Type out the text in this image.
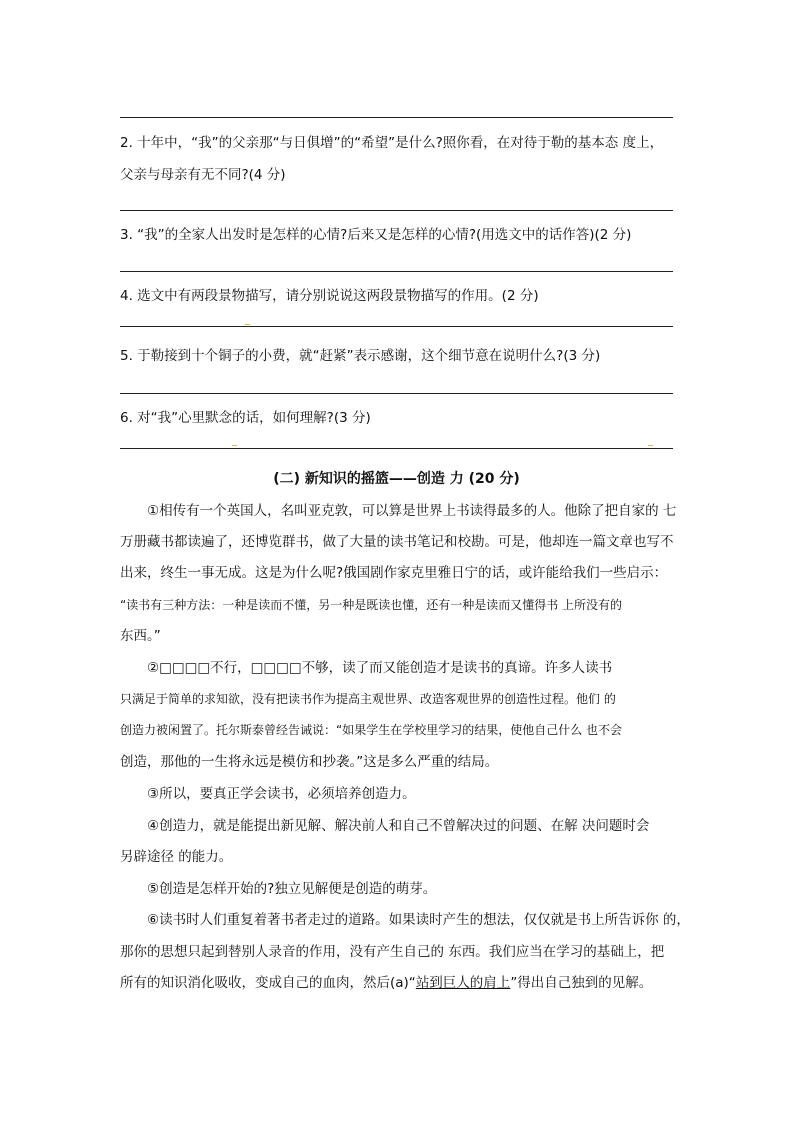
2. 十年中，“我”的父亲那“与日俱增”的“希望”是什么?照你看，在对待于勒的基本态 度上，
父亲与母亲有无不同?(4 分)
3. “我”的全家人出发时是怎样的心情?后来又是怎样的心情?(用选文中的话作答)(2 分)
4. 选文中有两段景物描写，请分别说说这两段景物描写的作用。(2 分)
5. 于勒接到十个铜子的小费，就“赶紧”表示感谢，这个细节意在说明什么?(3 分)
6. 对“我”心里默念的话，如何理解?(3 分)
(二) 新知识的摇篮——创造 力 (20 分)
①相传有一个英国人，名叫亚克敦，可以算是世界上书读得最多的人。他除了把自家的 七
万册藏书都读遍了，还博览群书，做了大量的读书笔记和校勘。可是，他却连一篇文章也写不
出来，终生一事无成。这是为什么呢?俄国剧作家克里雅日宁的话，或许能给我们一些启示：
“读书有三种方法：一种是读而不懂，另一种是既读也懂，还有一种是读而又懂得书 上所没有的
东西。”
②□□□□不行，□□□□不够，读了而又能创造才是读书的真谛。许多人读书
只满足于简单的求知欲，没有把读书作为提高主观世界、改造客观世界的创造性过程。他们 的
创造力被闲置了。托尔斯泰曾经告诫说：“如果学生在学校里学习的结果，使他自己什么 也不会
创造，那他的一生将永远是模仿和抄袭。”这是多么严重的结局。
③所以，要真正学会读书，必须培养创造力。
④创造力，就是能提出新见解、解决前人和自己不曾解决过的问题、在解 决问题时会
另辟途径 的能力。
⑤创造是怎样开始的?独立见解便是创造的萌芽。
⑥读书时人们重复着著书者走过的道路。如果读时产生的想法，仅仅就是书上所告诉你 的，
那你的思想只起到替别人录音的作用，没有产生自己的 东西。我们应当在学习的基础上，把
所有的知识消化吸收，变成自己的血肉，然后(a)“站到巨人的肩上”得出自己独到的见解。
